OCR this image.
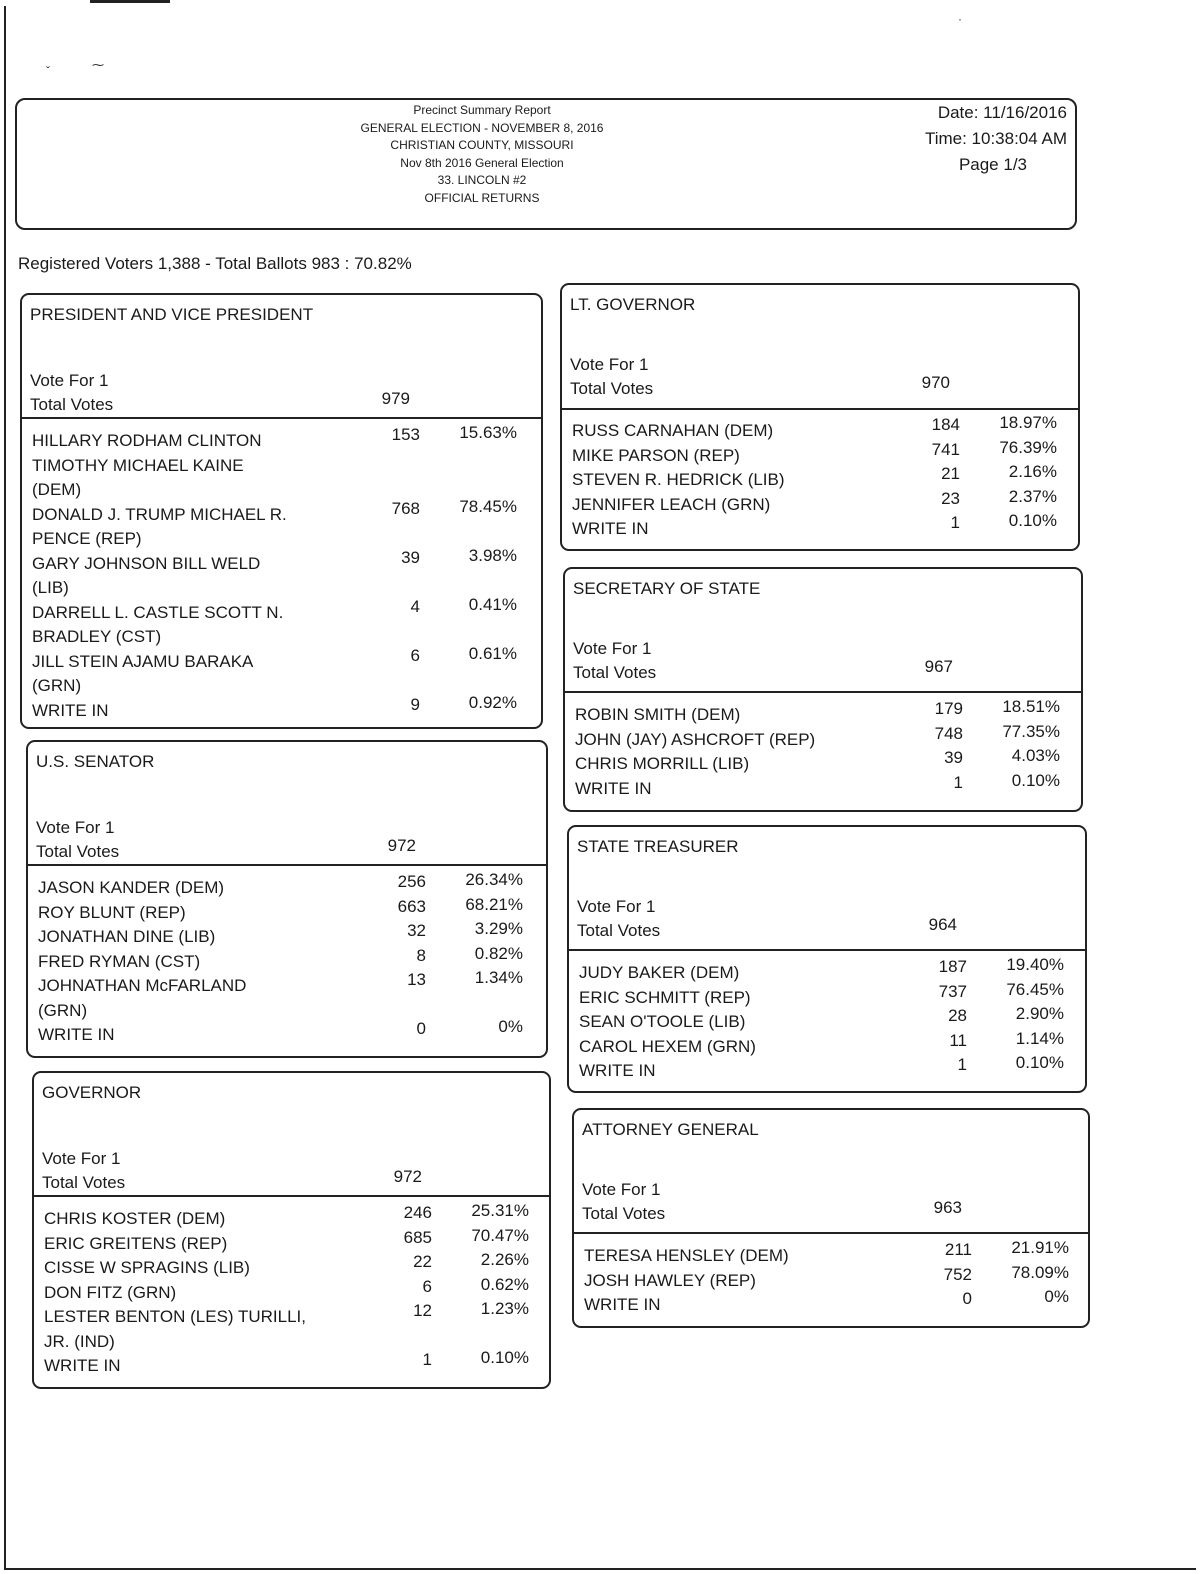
ˇ	⁓
·
Precinct Summary Report
GENERAL ELECTION - NOVEMBER 8, 2016
CHRISTIAN COUNTY, MISSOURI
Nov 8th 2016 General Election
33. LINCOLN #2
OFFICIAL RETURNS
Date: 11/16/2016
Time: 10:38:04 AM
Page 1/3
Registered Voters 1,388 - Total Ballots 983 : 70.82%
PRESIDENT AND VICE PRESIDENT
Vote For 1
Total Votes	979
HILLARY RODHAM CLINTON
TIMOTHY MICHAEL KAINE
(DEM)
153	15.63%
DONALD J. TRUMP MICHAEL R.
PENCE (REP)
768	78.45%
GARY JOHNSON BILL WELD
(LIB)
39	3.98%
DARRELL L. CASTLE SCOTT N.
BRADLEY (CST)
4	0.41%
JILL STEIN AJAMU BARAKA
(GRN)
6	0.61%
WRITE IN	9	0.92%
U.S. SENATOR
Vote For 1
Total Votes	972
JASON KANDER (DEM)	256	26.34%
ROY BLUNT (REP)	663	68.21%
JONATHAN DINE (LIB)	32	3.29%
FRED RYMAN (CST)	8	0.82%
JOHNATHAN McFARLAND
(GRN)
13	1.34%
WRITE IN	0	0%
GOVERNOR
Vote For 1
Total Votes	972
CHRIS KOSTER (DEM)	246	25.31%
ERIC GREITENS (REP)	685	70.47%
CISSE W SPRAGINS (LIB)	22	2.26%
DON FITZ (GRN)	6	0.62%
LESTER BENTON (LES) TURILLI,
JR. (IND)
12	1.23%
WRITE IN	1	0.10%
LT. GOVERNOR
Vote For 1
Total Votes	970
RUSS CARNAHAN (DEM)	184	18.97%
MIKE PARSON (REP)	741	76.39%
STEVEN R. HEDRICK (LIB)	21	2.16%
JENNIFER LEACH (GRN)	23	2.37%
WRITE IN	1	0.10%
SECRETARY OF STATE
Vote For 1
Total Votes	967
ROBIN SMITH (DEM)	179	18.51%
JOHN (JAY) ASHCROFT (REP)	748	77.35%
CHRIS MORRILL (LIB)	39	4.03%
WRITE IN	1	0.10%
STATE TREASURER
Vote For 1
Total Votes	964
JUDY BAKER (DEM)	187	19.40%
ERIC SCHMITT (REP)	737	76.45%
SEAN O'TOOLE (LIB)	28	2.90%
CAROL HEXEM (GRN)	11	1.14%
WRITE IN	1	0.10%
ATTORNEY GENERAL
Vote For 1
Total Votes	963
TERESA HENSLEY (DEM)	211	21.91%
JOSH HAWLEY (REP)	752	78.09%
WRITE IN	0	0%
